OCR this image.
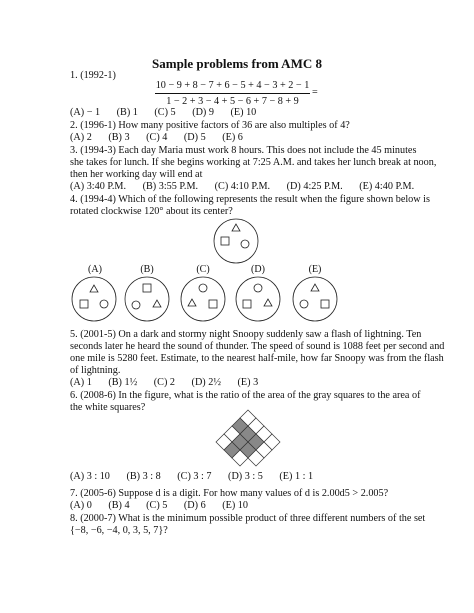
Sample problems from AMC 8
1. (1992-1)
$\frac{10 - 9 + 8 - 7 + 6 - 5 + 4 - 3 + 2 - 1}{1 - 2 + 3 - 4 + 5 - 6 + 7 - 8 + 9}$ =
(A) − 1 (B) 1 (C) 5 (D) 9 (E) 10
2. (1996-1) How many positive factors of 36 are also multiples of 4?
(A) 2 (B) 3 (C) 4 (D) 5 (E) 6
3. (1994-3) Each day Maria must work 8 hours. This does not include the 45 minutes
she takes for lunch. If she begins working at 7:25 A.M. and takes her lunch break at noon,
then her working day will end at
(A) 3:40 P.M. (B) 3:55 P.M. (C) 4:10 P.M. (D) 4:25 P.M. (E) 4:40 P.M.
4. (1994-4) Which of the following represents the result when the figure shown below is
rotated clockwise 120° about its center?
(A)	(B)	(C)	(D)	(E)
5. (2001-5) On a dark and stormy night Snoopy suddenly saw a flash of lightning. Ten
seconds later he heard the sound of thunder. The speed of sound is 1088 feet per second and
one mile is 5280 feet. Estimate, to the nearest half-mile, how far Snoopy was from the flash
of lightning.
(A) 1 (B) 1½ (C) 2 (D) 2½ (E) 3
6. (2008-6) In the figure, what is the ratio of the area of the gray squares to the area of
the white squares?
(A) 3 : 10 (B) 3 : 8 (C) 3 : 7 (D) 3 : 5 (E) 1 : 1
7. (2005-6) Suppose d is a digit. For how many values of d is 2.00d5 > 2.005?
(A) 0 (B) 4 (C) 5 (D) 6 (E) 10
8. (2000-7) What is the minimum possible product of three different numbers of the set
{−8, −6, −4, 0, 3, 5, 7}?
